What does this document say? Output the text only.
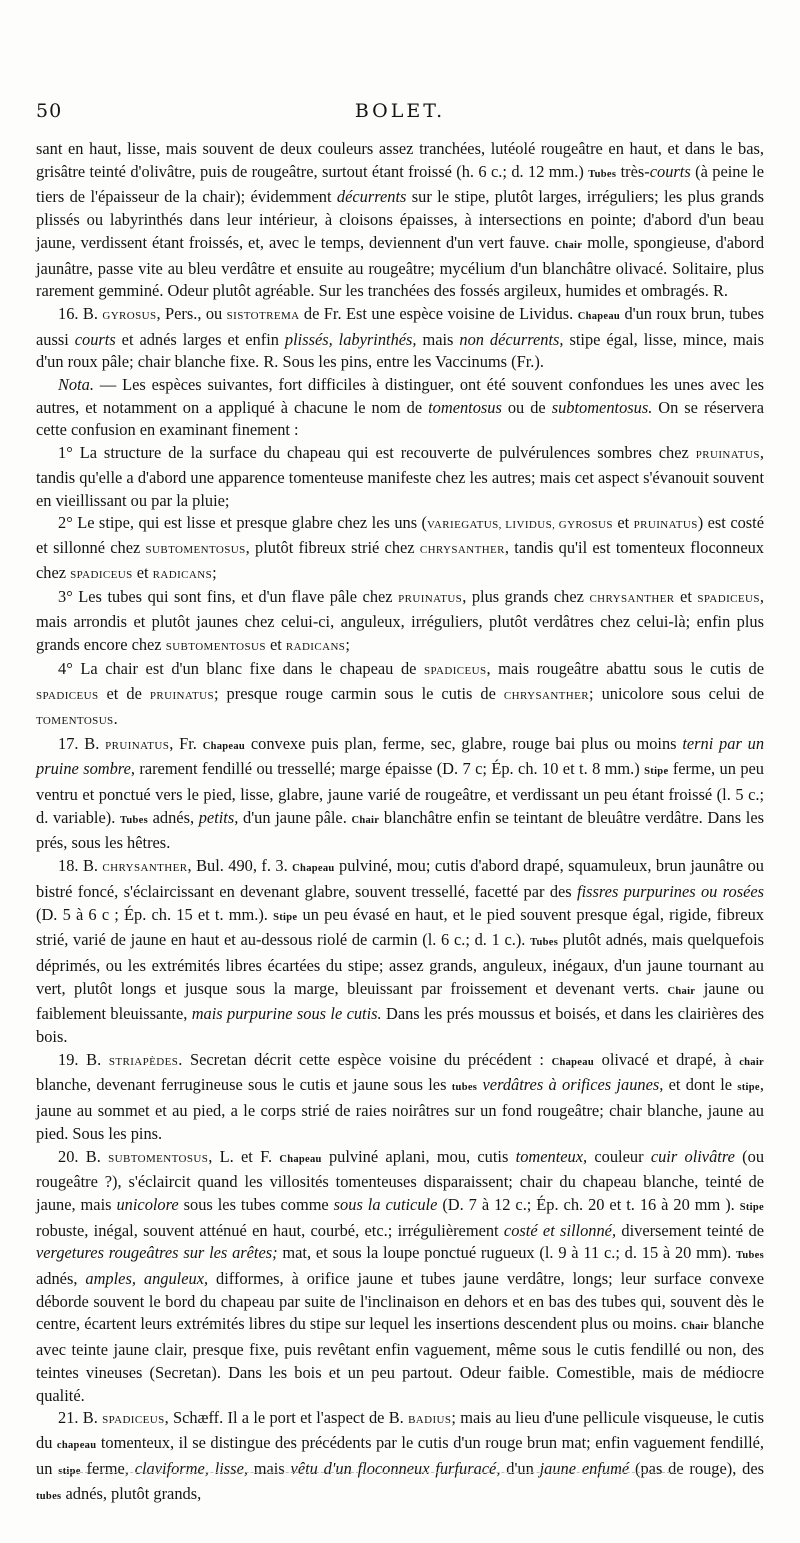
50	BOLET.

sant en haut, lisse, mais souvent de deux couleurs assez tranchées, lutéolé rougeâtre en haut, et dans le bas, grisâtre teinté d'olivâtre, puis de rougeâtre, surtout étant froissé (h. 6 c.; d. 12 mm.) Tubes très-courts (à peine le tiers de l'épaisseur de la chair); évidemment décurrents sur le stipe, plutôt larges, irréguliers; les plus grands plissés ou labyrinthés dans leur intérieur, à cloisons épaisses, à intersections en pointe; d'abord d'un beau jaune, verdissent étant froissés, et, avec le temps, deviennent d'un vert fauve. Chair molle, spongieuse, d'abord jaunâtre, passe vite au bleu verdâtre et ensuite au rougeâtre; mycélium d'un blanchâtre olivacé. Solitaire, plus rarement gemminé. Odeur plutôt agréable. Sur les tranchées des fossés argileux, humides et ombragés. R.

16. B. GYROSUS, Pers., ou SISTOTREMA de Fr. Est une espèce voisine de Lividus. Chapeau d'un roux brun, tubes aussi courts et adnés larges et enfin plissés, labyrinthés, mais non décurrents, stipe égal, lisse, mince, mais d'un roux pâle; chair blanche fixe. R. Sous les pins, entre les Vaccinums (Fr.).

Nota. — Les espèces suivantes, fort difficiles à distinguer, ont été souvent confondues les unes avec les autres, et notamment on a appliqué à chacune le nom de tomentosus ou de subtomentosus. On se réservera cette confusion en examinant finement :

1° La structure de la surface du chapeau qui est recouverte de pulvérulences sombres chez PRUINATUS, tandis qu'elle a d'abord une apparence tomenteuse manifeste chez les autres; mais cet aspect s'évanouit souvent en vieillissant ou par la pluie;

2° Le stipe, qui est lisse et presque glabre chez les uns (VARIEGATUS, LIVIDUS, GYROSUS et PRUINATUS) est costé et sillonné chez SUBTOMENTOSUS, plutôt fibreux strié chez CHRYSANTHER, tandis qu'il est tomenteux floconneux chez SPADICEUS et RADICANS;

3° Les tubes qui sont fins, et d'un flave pâle chez PRUINATUS, plus grands chez CHRYSANTHER et SPADICEUS, mais arrondis et plutôt jaunes chez celui-ci, anguleux, irréguliers, plutôt verdâtres chez celui-là; enfin plus grands encore chez SUBTOMENTOSUS et RADICANS;

4° La chair est d'un blanc fixe dans le chapeau de SPADICEUS, mais rougeâtre abattu sous le cutis de SPADICEUS et de PRUINATUS; presque rouge carmin sous le cutis de CHRYSANTHER; unicolore sous celui de TOMENTOSUS.

17. B. PRUINATUS, Fr. Chapeau convexe puis plan, ferme, sec, glabre, rouge bai plus ou moins terni par un pruine sombre, rarement fendillé ou tressellé; marge épaisse (D. 7 c; Ép. ch. 10 et t. 8 mm.) Stipe ferme, un peu ventru et ponctué vers le pied, lisse, glabre, jaune varié de rougeâtre, et verdissant un peu étant froissé (l. 5 c.; d. variable). Tubes adnés, petits, d'un jaune pâle. Chair blanchâtre enfin se teintant de bleuâtre verdâtre. Dans les prés, sous les hêtres.

18. B. CHRYSANTHER, Bul. 490, f. 3. Chapeau pulviné, mou; cutis d'abord drapé, squamuleux, brun jaunâtre ou bistré foncé, s'éclaircissant en devenant glabre, souvent tressellé, facetté par des fissres purpurines ou rosées (D. 5 à 6 c ; Ép. ch. 15 et t. mm.). Stipe un peu évasé en haut, et le pied souvent presque égal, rigide, fibreux strié, varié de jaune en haut et au-dessous riolé de carmin (l. 6 c.; d. 1 c.). Tubes plutôt adnés, mais quelquefois déprimés, ou les extrémités libres écartées du stipe; assez grands, anguleux, inégaux, d'un jaune tournant au vert, plutôt longs et jusque sous la marge, bleuissant par froissement et devenant verts. Chair jaune ou faiblement bleuissante, mais purpurine sous le cutis. Dans les prés moussus et boisés, et dans les clairières des bois.

19. B. STRIAPÈDES. Secretan décrit cette espèce voisine du précédent : Chapeau olivacé et drapé, à chair blanche, devenant ferrugineuse sous le cutis et jaune sous les tubes verdâtres à orifices jaunes, et dont le stipe, jaune au sommet et au pied, a le corps strié de raies noirâtres sur un fond rougeâtre; chair blanche, jaune au pied. Sous les pins.

20. B. SUBTOMENTOSUS, L. et F. Chapeau pulviné aplani, mou, cutis tomenteux, couleur cuir olivâtre (ou rougeâtre ?), s'éclaircit quand les villosités tomenteuses disparaissent; chair du chapeau blanche, teinté de jaune, mais unicolore sous les tubes comme sous la cuticule (D. 7 à 12 c.; Ép. ch. 20 et t. 16 à 20 mm ). Stipe robuste, inégal, souvent atténué en haut, courbé, etc.; irrégulièrement costé et sillonné, diversement teinté de vergetures rougeâtres sur les arêtes; mat, et sous la loupe ponctué rugueux (l. 9 à 11 c.; d. 15 à 20 mm). Tubes adnés, amples, anguleux, difformes, à orifice jaune et tubes jaune verdâtre, longs; leur surface convexe déborde souvent le bord du chapeau par suite de l'inclinaison en dehors et en bas des tubes qui, souvent dès le centre, écartent leurs extrémités libres du stipe sur lequel les insertions descendent plus ou moins. Chair blanche avec teinte jaune clair, presque fixe, puis revêtant enfin vaguement, même sous le cutis fendillé ou non, des teintes vineuses (Secretan). Dans les bois et un peu partout. Odeur faible. Comestible, mais de médiocre qualité.

21. B. SPADICEUS, Schæff. Il a le port et l'aspect de B. BADIUS; mais au lieu d'une pellicule visqueuse, le cutis du chapeau tomenteux, il se distingue des précédents par le cutis d'un rouge brun mat; enfin vaguement fendillé, un stipe ferme, claviforme, lisse, mais vêtu d'un floconneux furfuracé, d'un jaune enfumé (pas de rouge), des tubes adnés, plutôt grands,
